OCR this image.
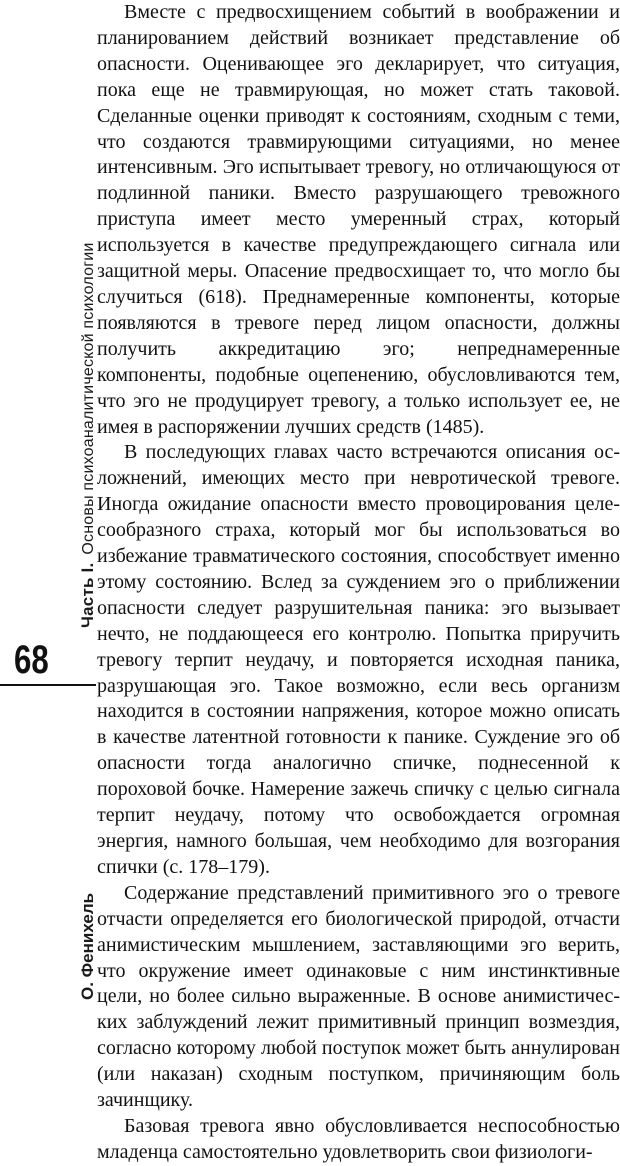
Часть I.Основы психоаналитической психологии
68
О. Фенихель

Вместе с предвосхищением событий в воображении и планированием действий возникает представление об опасности. Оценивающее эго декларирует, что ситуация, пока еще не травмирующая, но может стать таковой. Сделанные оценки приводят к состояниям, сходным с теми, что создаются травмирующими ситуациями, но менее интенсивным. Эго испытывает тревогу, но отличающуюся от подлинной паники. Вместо разрушающего тревожного приступа имеет место умеренный страх, который используется в качестве предупреждающего сигнала или защитной меры. Опасение предвосхищает то, что могло бы случиться (618). Преднамеренные компоненты, которые появляются в тревоге перед лицом опасности, должны получить аккредитацию эго; непреднамеренные компоненты, подобные оцепенению, обусловливаются тем, что эго не продуцирует тревогу, а только использует ее, не имея в распоряжении лучших средств (1485).

В последующих главах часто встречаются описания осложнений, имеющих место при невротической тревоге. Иногда ожидание опасности вместо провоцирования целесообразного страха, который мог бы использоваться во избежание травматического состояния, способствует именно этому состоянию. Вслед за суждением эго о приближении опасности следует разрушительная паника: эго вызывает нечто, не поддающееся его контролю. Попытка приручить тревогу терпит неудачу, и повторяется исходная паника, разрушающая эго. Такое возможно, если весь организм находится в состоянии напряжения, которое можно описать в качестве латентной готовности к панике. Суждение эго об опасности тогда аналогично спичке, поднесенной к пороховой бочке. Намерение зажечь спичку с целью сигнала терпит неудачу, потому что освобождается огромная энергия, намного большая, чем необходимо для возгорания спички (с. 178–179).

Содержание представлений примитивного эго о тревоге отчасти определяется его биологической природой, отчасти анимистическим мышлением, заставляющими эго верить, что окружение имеет одинаковые с ним инстинктивные цели, но более сильно выраженные. В основе анимистических заблуждений лежит примитивный принцип возмездия, согласно которому любой поступок может быть аннулирован (или наказан) сходным поступком, причиняющим боль зачинщику.

Базовая тревога явно обусловливается неспособностью младенца самостоятельно удовлетворить свои физиологи-
